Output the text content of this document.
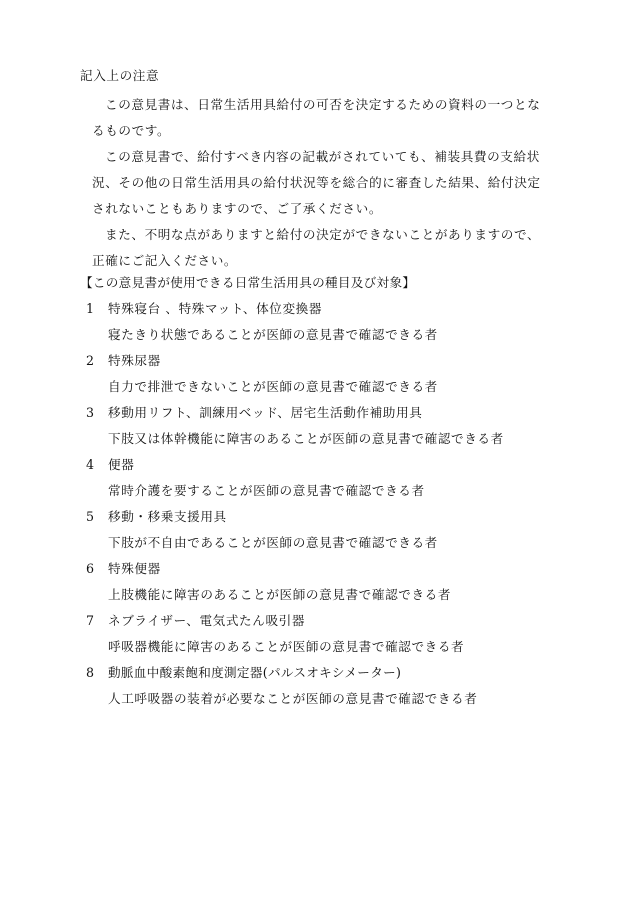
記入上の注意
この意見書は、日常生活用具給付の可否を決定するための資料の一つとな
るものです。
この意見書で、給付すべき内容の記載がされていても、補装具費の支給状
況、その他の日常生活用具の給付状況等を総合的に審査した結果、給付決定
されないこともありますので、ご了承ください。
また、不明な点がありますと給付の決定ができないことがありますので、
正確にご記入ください。
【この意見書が使用できる日常生活用具の種目及び対象】
1 特殊寝台 、特殊マット、体位変換器
寝たきり状態であることが医師の意見書で確認できる者
2 特殊尿器
自力で排泄できないことが医師の意見書で確認できる者
3 移動用リフト、訓練用ベッド、居宅生活動作補助用具
下肢又は体幹機能に障害のあることが医師の意見書で確認できる者
4 便器
常時介護を要することが医師の意見書で確認できる者
5 移動・移乗支援用具
下肢が不自由であることが医師の意見書で確認できる者
6 特殊便器
上肢機能に障害のあることが医師の意見書で確認できる者
7 ネブライザー、電気式たん吸引器
呼吸器機能に障害のあることが医師の意見書で確認できる者
8 動脈血中酸素飽和度測定器(パルスオキシメーター)
人工呼吸器の装着が必要なことが医師の意見書で確認できる者
